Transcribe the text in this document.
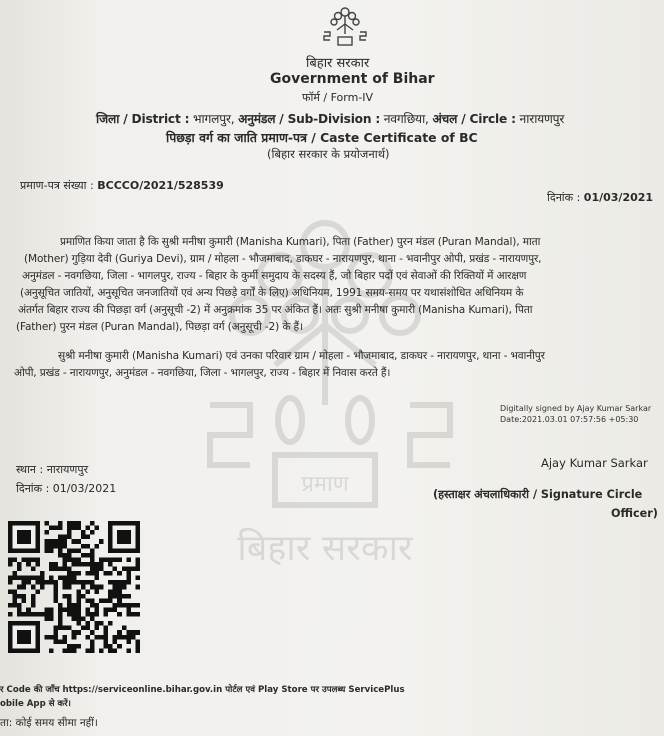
प्रमाण
बिहार सरकार
बिहार सरकार
Government of Bihar
फॉर्म / Form-IV
जिला / District : भागलपुर, अनुमंडल / Sub-Division : नवगछिया, अंचल / Circle : नारायणपुर
पिछड़ा वर्ग का जाति प्रमाण-पत्र / Caste Certificate of BC
(बिहार सरकार के प्रयोजनार्थ)
प्रमाण-पत्र संख्या : BCCCO/2021/528539
दिनांक : 01/03/2021
प्रमाणित किया जाता है कि सुश्री मनीषा कुमारी (Manisha Kumari), पिता (Father) पुरन मंडल (Puran Mandal), माता
(Mother) गुड़िया देवी (Guriya Devi), ग्राम / मोहला - भौजमाबाद, डाकघर - नारायणपुर, थाना - भवानीपुर ओपी, प्रखंड - नारायणपुर,
अनुमंडल - नवगछिया, जिला - भागलपुर, राज्य - बिहार के कुर्मी समुदाय के सदस्य हैं, जो बिहार पदों एवं सेवाओं की रिक्तियों में आरक्षण
(अनुसूचित जातियों, अनुसूचित जनजातियों एवं अन्य पिछड़े वर्गों के लिए) अधिनियम, 1991 समय-समय पर यथासंशोधित अधिनियम के
अंतर्गत बिहार राज्य की पिछड़ा वर्ग (अनुसूची -2) में अनुक्रमांक 35 पर अंकित हैं। अतः सुश्री मनीषा कुमारी (Manisha Kumari), पिता
(Father) पुरन मंडल (Puran Mandal), पिछड़ा वर्ग (अनुसूची -2) के हैं।
सुश्री मनीषा कुमारी (Manisha Kumari) एवं उनका परिवार ग्राम / मोहला - भौजमाबाद, डाकघर - नारायणपुर, थाना - भवानीपुर
ओपी, प्रखंड - नारायणपुर, अनुमंडल - नवगछिया, जिला - भागलपुर, राज्य - बिहार में निवास करते हैं।
Digitally signed by Ajay Kumar Sarkar
Date:2021.03.01 07:57:56 +05:30
स्थान : नारायणपुर
दिनांक : 01/03/2021
Ajay Kumar Sarkar
(हस्ताक्षर अंचलाधिकारी / Signature Circle
Officer)
र Code की जाँच https://serviceonline.bihar.gov.in पोर्टल एवं Play Store पर उपलब्ध ServicePlus
obile App से करें।
ता: कोई समय सीमा नहीं।
